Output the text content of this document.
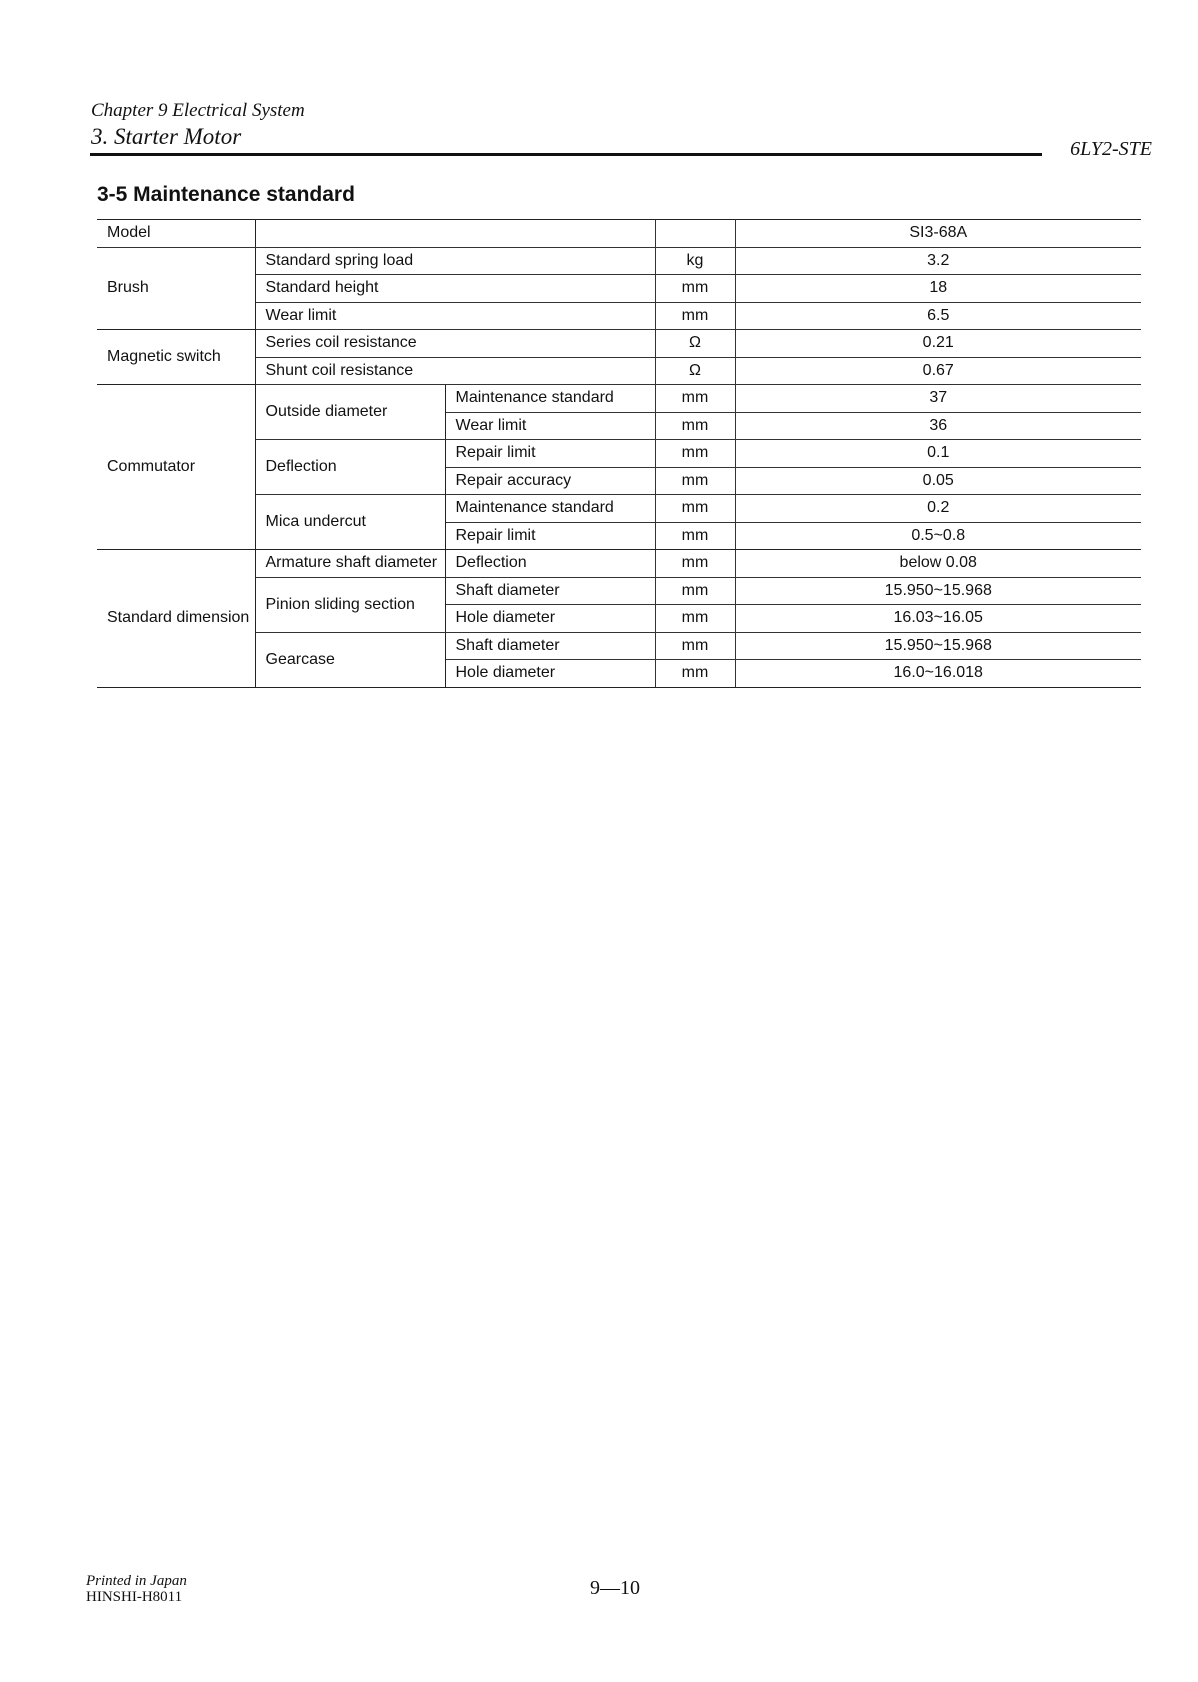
Chapter 9 Electrical System
3. Starter Motor	6LY2-STE
3-5 Maintenance standard
Model				SI3-68A
Brush	Standard spring load		kg	3.2
	Standard height		mm	18
	Wear limit		mm	6.5
Magnetic switch	Series coil resistance		Ω	0.21
	Shunt coil resistance		Ω	0.67
Commutator	Outside diameter	Maintenance standard	mm	37
		Wear limit	mm	36
	Deflection	Repair limit	mm	0.1
		Repair accuracy	mm	0.05
	Mica undercut	Maintenance standard	mm	0.2
		Repair limit	mm	0.5~0.8
Standard dimension	Armature shaft diameter	Deflection	mm	below 0.08
	Pinion sliding section	Shaft diameter	mm	15.950~15.968
		Hole diameter	mm	16.03~16.05
	Gearcase	Shaft diameter	mm	15.950~15.968
		Hole diameter	mm	16.0~16.018
Printed in Japan
HINSHI-H8011	9—10
